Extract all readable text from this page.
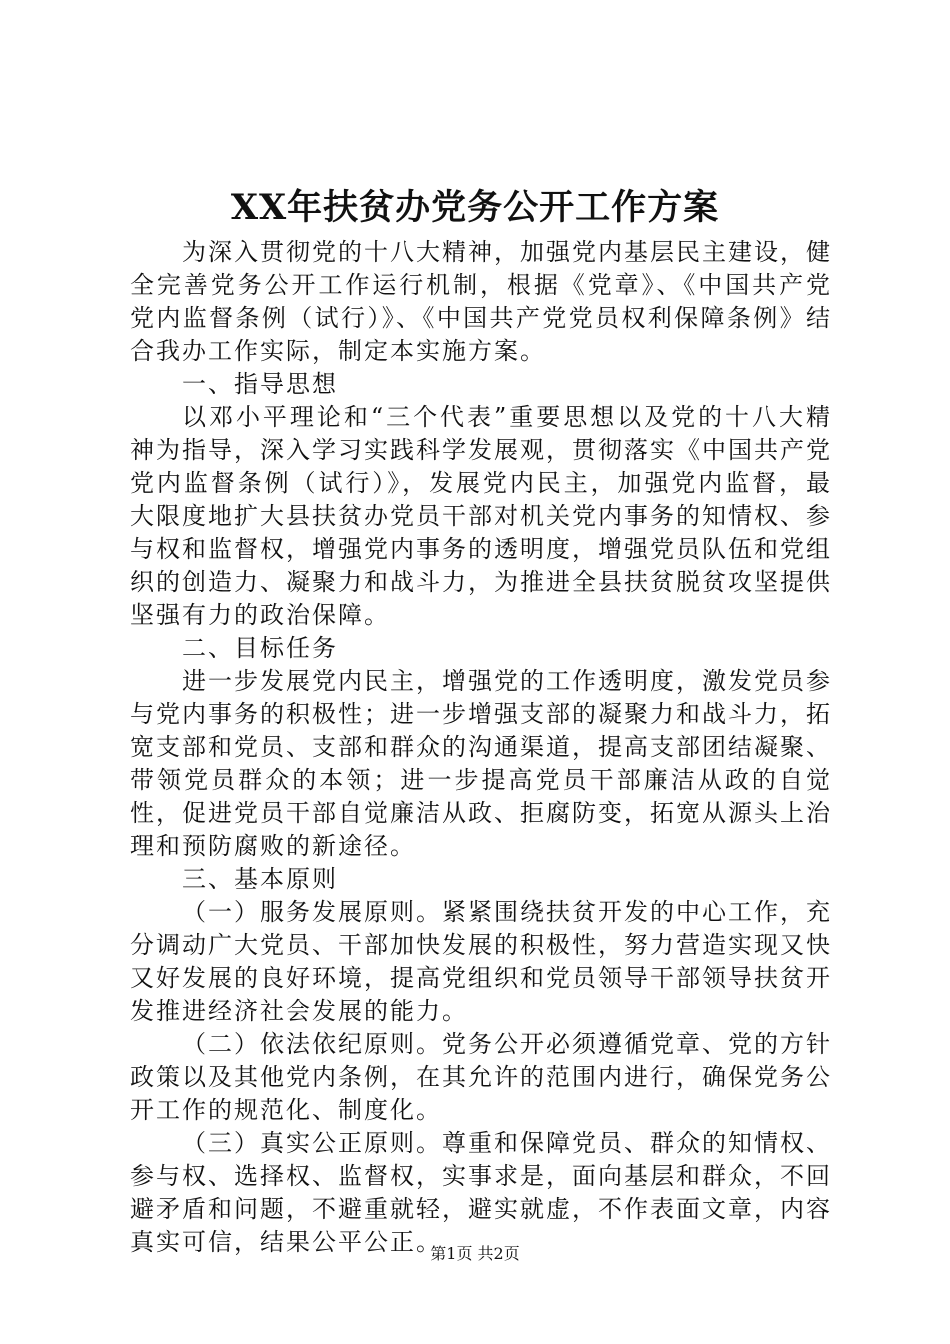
XX年扶贫办党务公开工作方案

为深入贯彻党的十八大精神，加强党内基层民主建设，健全完善党务公开工作运行机制，根据《党章》、《中国共产党党内监督条例（试行）》、《中国共产党党员权利保障条例》结合我办工作实际，制定本实施方案。

一、指导思想

以邓小平理论和“三个代表”重要思想以及党的十八大精神为指导，深入学习实践科学发展观，贯彻落实《中国共产党党内监督条例（试行）》，发展党内民主，加强党内监督，最大限度地扩大县扶贫办党员干部对机关党内事务的知情权、参与权和监督权，增强党内事务的透明度，增强党员队伍和党组织的创造力、凝聚力和战斗力，为推进全县扶贫脱贫攻坚提供坚强有力的政治保障。

二、目标任务

进一步发展党内民主，增强党的工作透明度，激发党员参与党内事务的积极性；进一步增强支部的凝聚力和战斗力，拓宽支部和党员、支部和群众的沟通渠道，提高支部团结凝聚、带领党员群众的本领；进一步提高党员干部廉洁从政的自觉性，促进党员干部自觉廉洁从政、拒腐防变，拓宽从源头上治理和预防腐败的新途径。

三、基本原则

（一）服务发展原则。紧紧围绕扶贫开发的中心工作，充分调动广大党员、干部加快发展的积极性，努力营造实现又快又好发展的良好环境，提高党组织和党员领导干部领导扶贫开发推进经济社会发展的能力。

（二）依法依纪原则。党务公开必须遵循党章、党的方针政策以及其他党内条例，在其允许的范围内进行，确保党务公开工作的规范化、制度化。

（三）真实公正原则。尊重和保障党员、群众的知情权、参与权、选择权、监督权，实事求是，面向基层和群众，不回避矛盾和问题，不避重就轻，避实就虚，不作表面文章，内容真实可信，结果公平公正。

第1页 共2页
